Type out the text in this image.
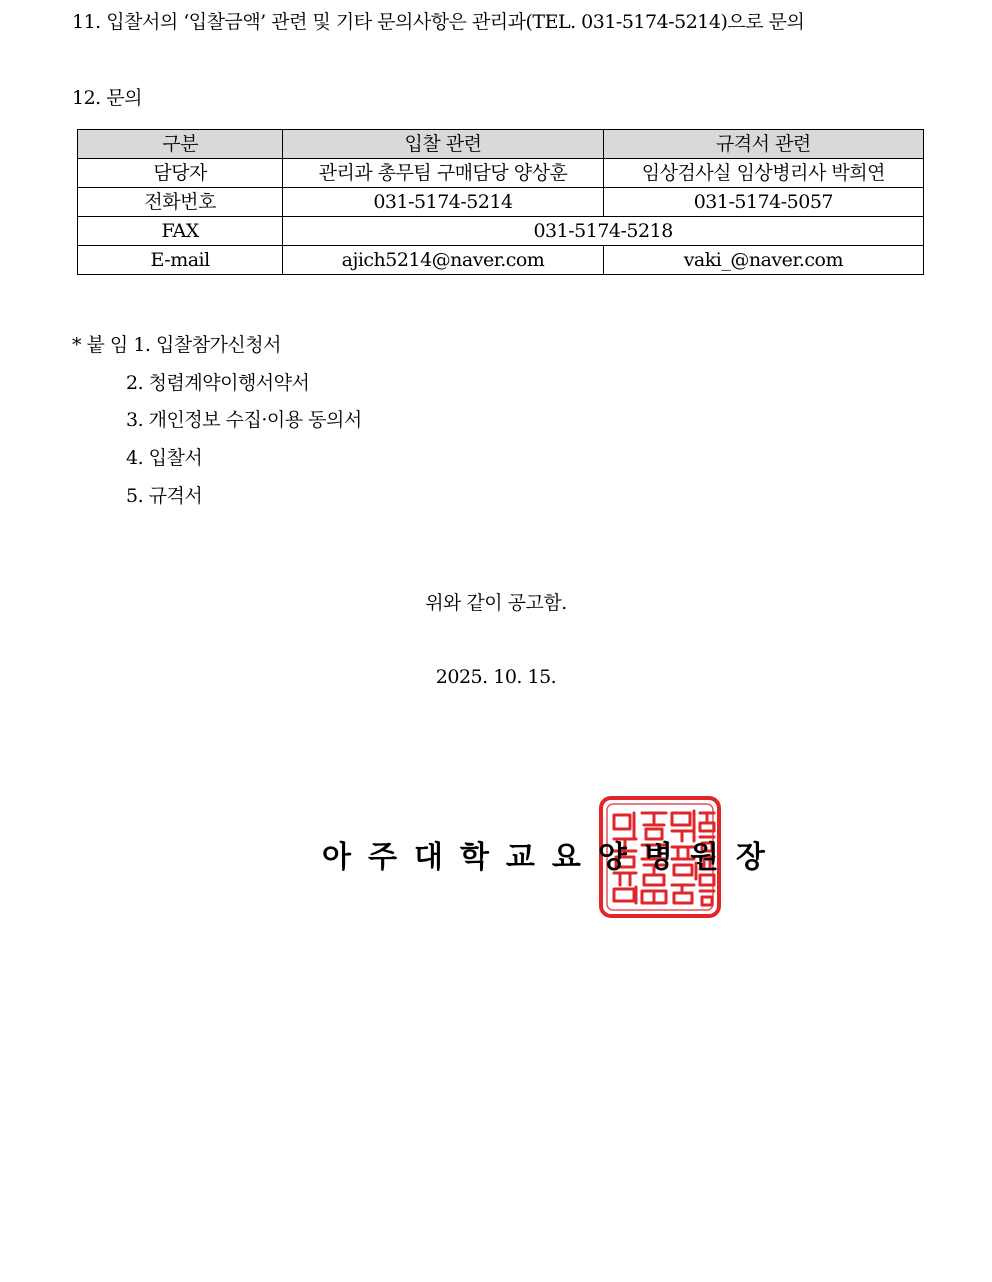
11. 입찰서의 ‘입찰금액’ 관련 및 기타 문의사항은 관리과(TEL. 031-5174-5214)으로 문의
12. 문의
구분	입찰 관련	규격서 관련
담당자	관리과 총무팀 구매담당 양상훈	임상검사실 임상병리사 박희연
전화번호	031-5174-5214	031-5174-5057
FAX	031-5174-5218	
E-mail	ajich5214@naver.com	vaki_@naver.com
* 붙 임 1. 입찰참가신청서
2. 청렴계약이행서약서
3. 개인정보 수집·이용 동의서
4. 입찰서
5. 규격서
위와 같이 공고함.
2025. 10. 15.
아주대학교요양병원장
